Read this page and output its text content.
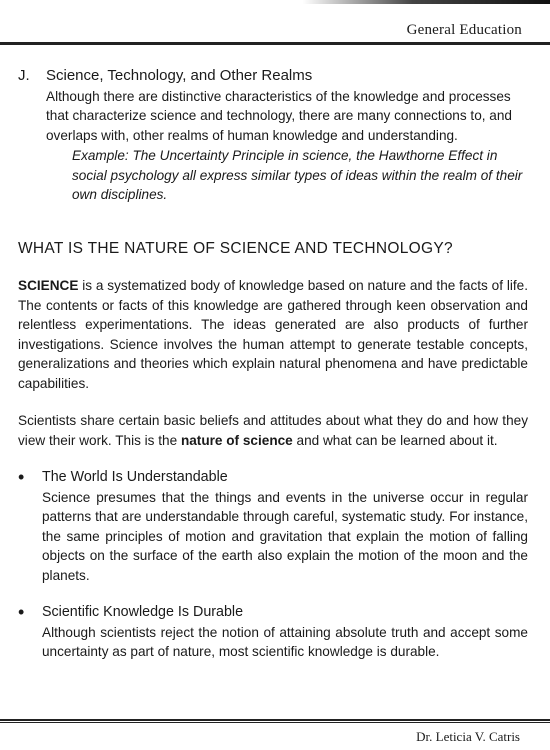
General Education
J.	Science, Technology, and Other Realms
Although there are distinctive characteristics of the knowledge and processes that characterize science and technology, there are many connections to, and overlaps with, other realms of human knowledge and understanding.
Example: The Uncertainty Principle in science, the Hawthorne Effect in social psychology all express similar types of ideas within the realm of their own disciplines.
WHAT IS THE NATURE OF SCIENCE AND TECHNOLOGY?
SCIENCE is a systematized body of knowledge based on nature and the facts of life. The contents or facts of this knowledge are gathered through keen observation and relentless experimentations. The ideas generated are also products of further investigations. Science involves the human attempt to generate testable concepts, generalizations and theories which explain natural phenomena and have predictable capabilities.
Scientists share certain basic beliefs and attitudes about what they do and how they view their work. This is the nature of science and what can be learned about it.
•	The World Is Understandable
Science presumes that the things and events in the universe occur in regular patterns that are understandable through careful, systematic study. For instance, the same principles of motion and gravitation that explain the motion of falling objects on the surface of the earth also explain the motion of the moon and the planets.
•	Scientific Knowledge Is Durable
Although scientists reject the notion of attaining absolute truth and accept some uncertainty as part of nature, most scientific knowledge is durable.
Dr. Leticia V. Catris
